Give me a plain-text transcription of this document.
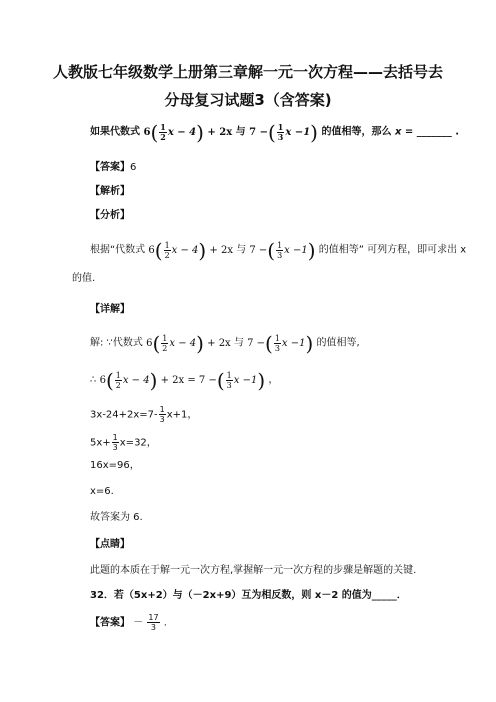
人教版七年级数学上册第三章解一元一次方程——去括号去
分母复习试题3（含答案)
如果代数式 $6( \frac{1}{2}$ x − 4) + 2x 与 7 −( $\frac{1}{3}$ x −1) 的值相等，那么 x = _______ .
【答案】6
【解析】
【分析】
根据“代数式 $6( \frac{1}{2}$ x − 4) + 2x 与 7 −( $\frac{1}{3}$ x −1) 的值相等” 可列方程，即可求出 x
的值.
【详解】
解: ∵代数式 $6( \frac{1}{2}$ x − 4) + 2x 与 7 −( $\frac{1}{3}$ x −1) 的值相等,
∴ $6( \frac{1}{2}$ x − 4) + 2x = 7 −( $\frac{1}{3}$ x −1) ，
$3x-24+2x=7- \frac{1}{3} x+1$，
$5x+ \frac{1}{3} x=32$，
16x=96，
x=6.
故答案为 6.
【点睛】
此题的本质在于解一元一次方程,掌握解一元一次方程的步骤是解题的关键.
32．若（5x+2）与（－2x+9）互为相反数，则 x－2 的值为_____．
【答案】 － $\frac{17}{3}$ .
